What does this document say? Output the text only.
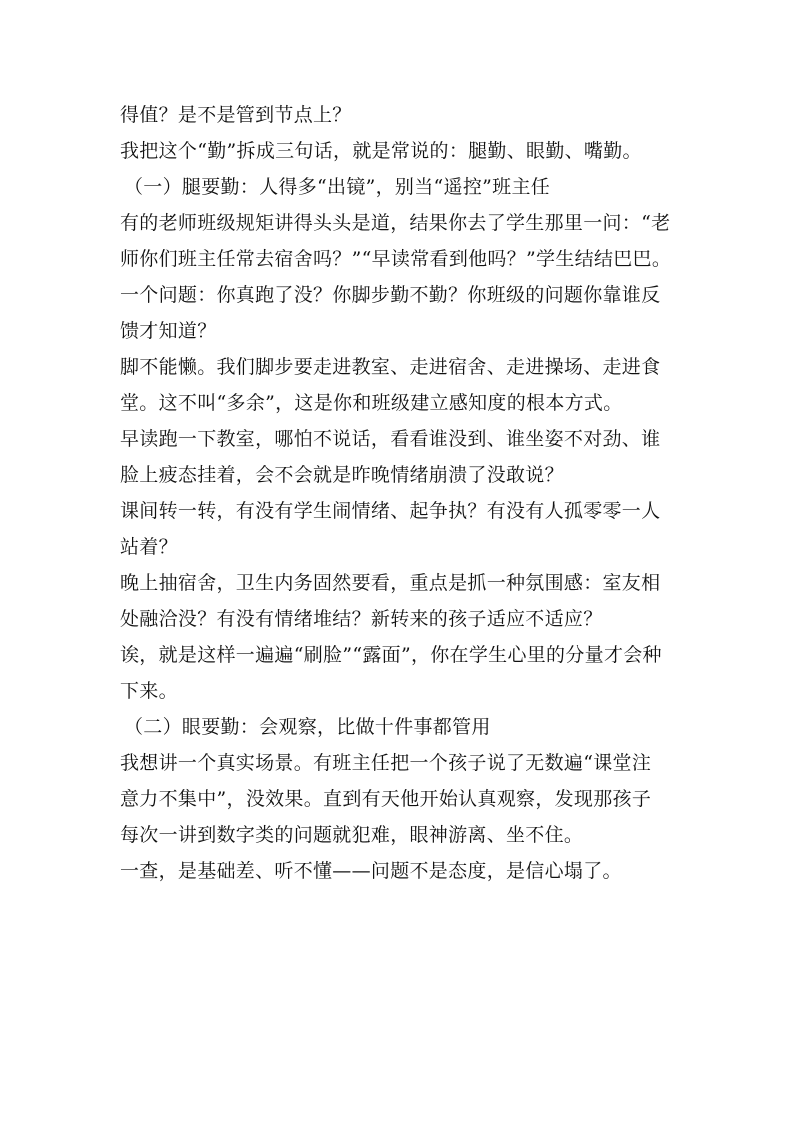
得值？是不是管到节点上？
我把这个“勤”拆成三句话，就是常说的：腿勤、眼勤、嘴勤。
（一）腿要勤：人得多“出镜”，别当“遥控”班主任
有的老师班级规矩讲得头头是道，结果你去了学生那里一问：“老
师你们班主任常去宿舍吗？”“早读常看到他吗？”学生结结巴巴。
一个问题：你真跑了没？你脚步勤不勤？你班级的问题你靠谁反
馈才知道？
脚不能懒。我们脚步要走进教室、走进宿舍、走进操场、走进食
堂。这不叫“多余”，这是你和班级建立感知度的根本方式。
早读跑一下教室，哪怕不说话，看看谁没到、谁坐姿不对劲、谁
脸上疲态挂着，会不会就是昨晚情绪崩溃了没敢说？
课间转一转，有没有学生闹情绪、起争执？有没有人孤零零一人
站着？
晚上抽宿舍，卫生内务固然要看，重点是抓一种氛围感：室友相
处融洽没？有没有情绪堆结？新转来的孩子适应不适应？
诶，就是这样一遍遍“刷脸”“露面”，你在学生心里的分量才会种
下来。
（二）眼要勤：会观察，比做十件事都管用
我想讲一个真实场景。有班主任把一个孩子说了无数遍“课堂注
意力不集中”，没效果。直到有天他开始认真观察，发现那孩子
每次一讲到数字类的问题就犯难，眼神游离、坐不住。
一查，是基础差、听不懂——问题不是态度，是信心塌了。
